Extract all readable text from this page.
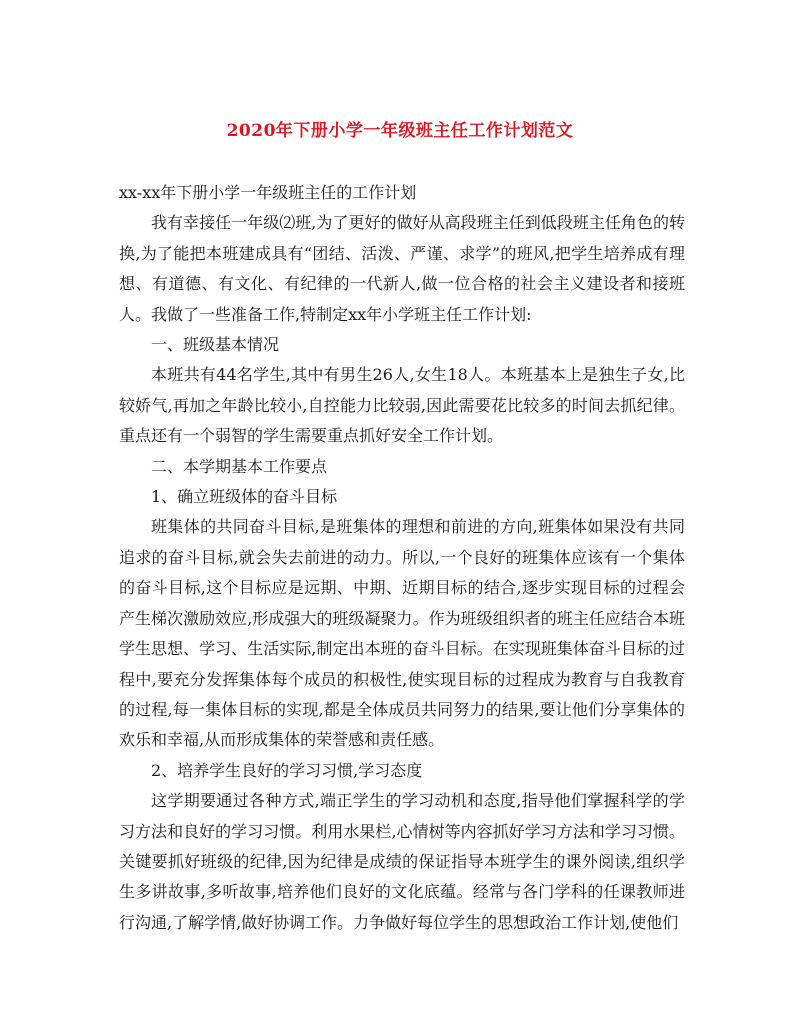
2020年下册小学一年级班主任工作计划范文

xx-xx年下册小学一年级班主任的工作计划

我有幸接任一年级⑵班,为了更好的做好从高段班主任到低段班主任角色的转换,为了能把本班建成具有“团结、活泼、严谨、求学”的班风,把学生培养成有理想、有道德、有文化、有纪律的一代新人,做一位合格的社会主义建设者和接班人。我做了一些准备工作,特制定xx年小学班主任工作计划:

一、班级基本情况

本班共有44名学生,其中有男生26人,女生18人。本班基本上是独生子女,比较娇气,再加之年龄比较小,自控能力比较弱,因此需要花比较多的时间去抓纪律。重点还有一个弱智的学生需要重点抓好安全工作计划。

二、本学期基本工作要点

1、确立班级体的奋斗目标

班集体的共同奋斗目标,是班集体的理想和前进的方向,班集体如果没有共同追求的奋斗目标,就会失去前进的动力。所以,一个良好的班集体应该有一个集体的奋斗目标,这个目标应是远期、中期、近期目标的结合,逐步实现目标的过程会产生梯次激励效应,形成强大的班级凝聚力。作为班级组织者的班主任应结合本班学生思想、学习、生活实际,制定出本班的奋斗目标。在实现班集体奋斗目标的过程中,要充分发挥集体每个成员的积极性,使实现目标的过程成为教育与自我教育的过程,每一集体目标的实现,都是全体成员共同努力的结果,要让他们分享集体的欢乐和幸福,从而形成集体的荣誉感和责任感。

2、培养学生良好的学习习惯,学习态度

这学期要通过各种方式,端正学生的学习动机和态度,指导他们掌握科学的学习方法和良好的学习习惯。利用水果栏,心情树等内容抓好学习方法和学习习惯。关键要抓好班级的纪律,因为纪律是成绩的保证指导本班学生的课外阅读,组织学生多讲故事,多听故事,培养他们良好的文化底蕴。经常与各门学科的任课教师进行沟通,了解学情,做好协调工作。力争做好每位学生的思想政治工作计划,使他们
